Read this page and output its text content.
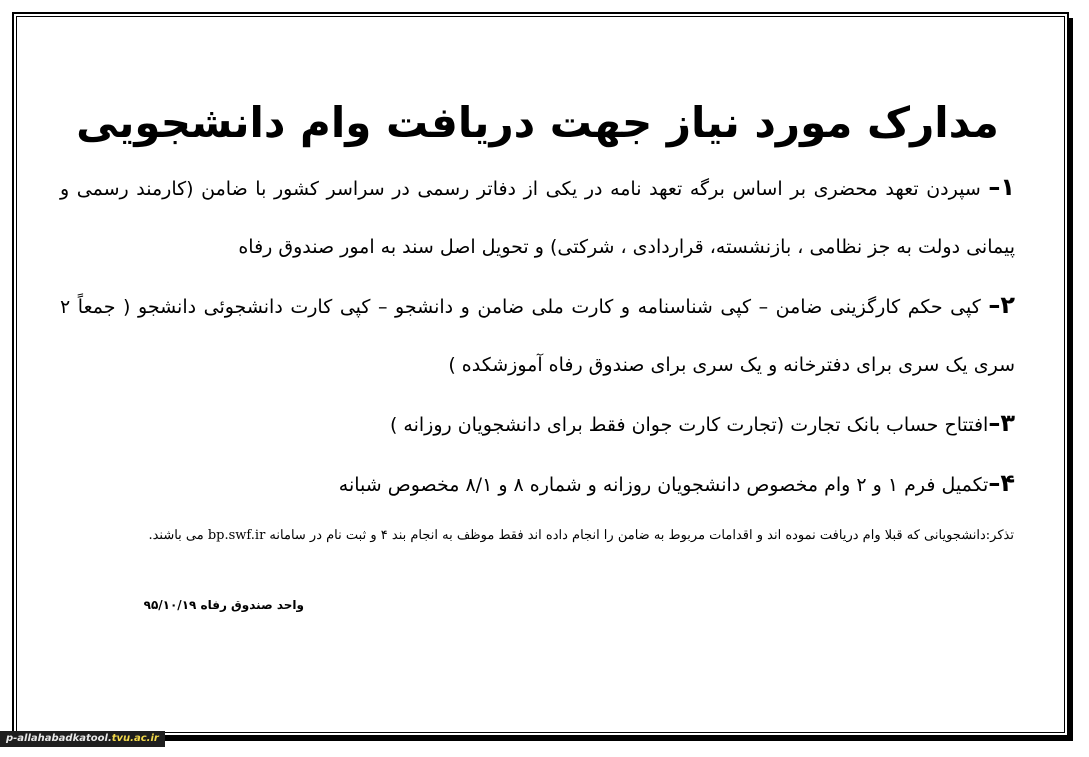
مدارک مورد نیاز جهت دریافت وام دانشجویی

۱– سپردن تعهد محضری بر اساس برگه تعهد نامه در یکی از دفاتر رسمی در سراسر کشور با ضامن (کارمند رسمی و پیمانی دولت به جز نظامی ، بازنشسته، قراردادی ، شرکتی) و تحویل اصل سند به امور صندوق رفاه

۲– کپی حکم کارگزینی ضامن – کپی شناسنامه و کارت ملی ضامن و دانشجو – کپی کارت دانشجوئی دانشجو ( جمعاً ۲ سری یک سری برای دفترخانه و یک سری برای صندوق رفاه آموزشکده )

۳–افتتاح حساب بانک تجارت (تجارت کارت جوان فقط برای دانشجویان روزانه )

۴–تکمیل فرم ۱ و ۲ وام مخصوص دانشجویان روزانه و شماره ۸ و ۸/۱ مخصوص شبانه

تذکر:دانشجویانی که قبلا وام دریافت نموده اند و اقدامات مربوط به ضامن را انجام داده اند فقط موظف به انجام بند ۴ و ثبت نام در سامانه bp.swf.ir می باشند.
واحد صندوق رفاه ۹۵/۱۰/۱۹
p-allahabadkatool.tvu.ac.ir
